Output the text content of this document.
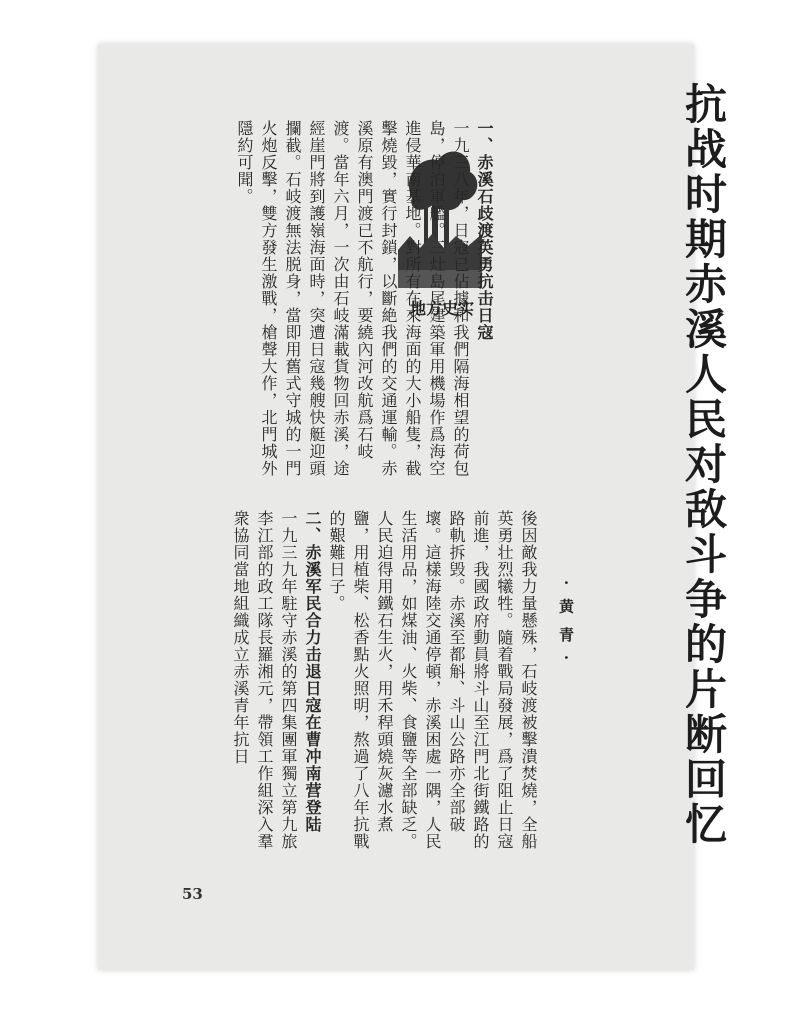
抗战时期赤溪人民对敌斗争的片断回忆
· 黄 青 ·
地方史实 一、赤溪石歧渡英勇抗击日寇
一九三八年，日寇已佔據和我們隔海相望的荷包島，停泊軍艦。三灶島尾建築軍用機場作爲海空進侵華南基地。對所有在來海面的大小船隻，截擊燒毀，實行封鎖，以斷絶我們的交通運輸。赤溪原有澳門渡已不航行，要繞內河改航爲石岐渡。當年六月，一次由石岐滿載貨物回赤溪，途經崖門將到護嶺海面時，突遭日寇幾艘快艇迎頭攔截。石岐渡無法脱身，當即用舊式守城的一門火炮反擊，雙方發生激戰，槍聲大作，北門城外隱約可聞。
後因敵我力量懸殊，石岐渡被擊潰焚燒，全船英勇壮烈犧牲。隨着戰局發展，爲了阻止日寇前進，我國政府動員將斗山至江門北街鐵路的路軌拆毁。赤溪至都斛、斗山公路亦全部破壞。這樣海陸交通停頓，赤溪困處一隅，人民生活用品，如煤油、火柴、食鹽等全部缺乏。人民迫得用鐵石生火，用禾稈頭燒灰濾水煮鹽，用植柴、松香點火照明，熬過了八年抗戰的艱難日子。
二、赤溪军民合力击退日寇在曹冲南营登陆
一九三九年駐守赤溪的第四集團軍獨立第九旅李江部的政工隊長羅湘元，帶領工作組深入羣衆協同當地組織成立赤溪青年抗日
53
